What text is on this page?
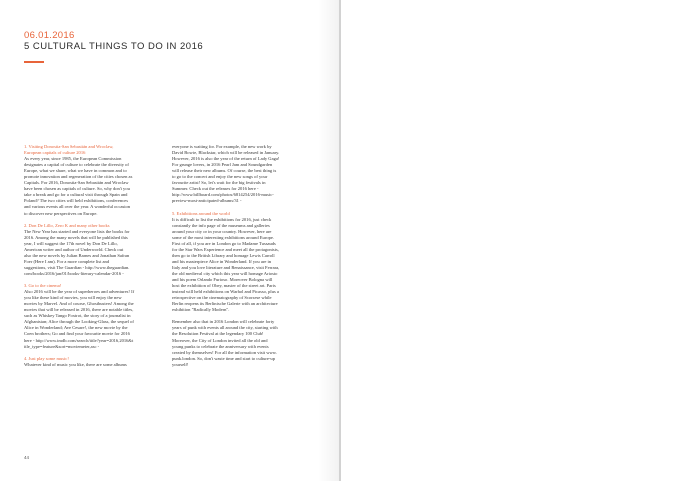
06.01.2016
5 CULTURAL THINGS TO DO IN 2016
1. Visiting Donostia-San Sebastián and Wroclaw,
European capitals of culture 2016
As every year, since 1985, the European Commission
designates a capital of culture to celebrate the diversity of
Europe, what we share, what we have in common and to
promote innovation and regeneration of the cities chosen as
Capitals. For 2016, Donostia-San Sebastián and Wroclaw
have been chosen as capitals of culture. So, why don't you
take a break and go for a cultural visit through Spain and
Poland? The two cities will held exhibitions, conferences
and various events all over the year. A wonderful occasion
to discover new perspectives on Europe.
2. Don De Lillo, Zero K and many other books
The New Year has started and everyone lists the books for
2016. Among the many novels that will be published this
year, I will suggest the 17th novel by Don De Lillo,
American writer and author of Underworld. Check out
also the new novels by Julian Barnes and Jonathan Safran
Foer (Here I am). For a more complete list and
suggestions, visit The Guardian - http://www.theguardian.
com/books/2016/jan/01/books-literary-calendar-2016 -
3. Go to the cinema!
Also 2016 will be the year of superheroes and adventures! If
you like these kind of movies, you will enjoy the new
movies by Marvel. And of course, Ghostbusters! Among the
movies that will be released in 2016, there are notable titles,
such as Whiskey Tango Foxtrot, the story of a journalist in
Afghanistan; Alice through the Looking-Glass, the sequel of
Alice in Wonderland; Ave Cesare!, the new movie by the
Coen brothers; Go and find your favourite movie for 2016
here - http://www.imdb.com/search/title?year=2016,2016&t
itle_type=feature&sort=moviemeter,asc -
4. Just play some music!
Whatever kind of music you like, there are some albums
everyone is waiting for. For example, the new work by
David Bowie, Blackstar, which will be released in January.
However, 2016 is also the year of the return of Lady Gaga!
For grunge lovers, in 2016 Pearl Jam and Soundgarden
will release their new albums. Of course, the best thing is
to go to the concert and enjoy the new songs of your
favourite artist! So, let's wait for the big festivals in
Summer. Check out the releases for 2016 here -
http://www.billboard.com/photos/6814254/2016-music-
preview-most-anticipated-albums/31 -
5. Exhibitions around the world
It is difficult to list the exhibitions for 2016, just check
constantly the info page of the museums and galleries
around your city or in your country. However, here are
some of the most interesting exhibitions around Europe.
First of all, if you are in London go to Madame Tussauds
for the Star Wars Experience and meet all the protagonists,
then go to the British Library and homage Lewis Carroll
and his masterpiece Alice in Wonderland. If you are in
Italy and you love literature and Renaissance, visit Ferrara,
the old medieval city which this year will homage Ariosto
and his poem Orlando Furioso. Moreover Bologna will
host the exhibition of Obey, master of the street art. Paris
instead will held exhibitions on Warhol and Picasso, plus a
retrospective on the cinematography of Scorsese while
Berlin reopens its Berlinische Galerie with an architecture
exhibition "Radically Modern".
Remember also that in 2016 London will celebrate forty
years of punk with events all around the city, starting with
the Resolution Festival at the legendary 100 Club!
Moreover, the City of London invited all the old and
young punks to celebrate the anniversary with events
created by themselves! For all the information visit www.
punk.london. So, don't waste time and start to culture-up
yourself!
44
